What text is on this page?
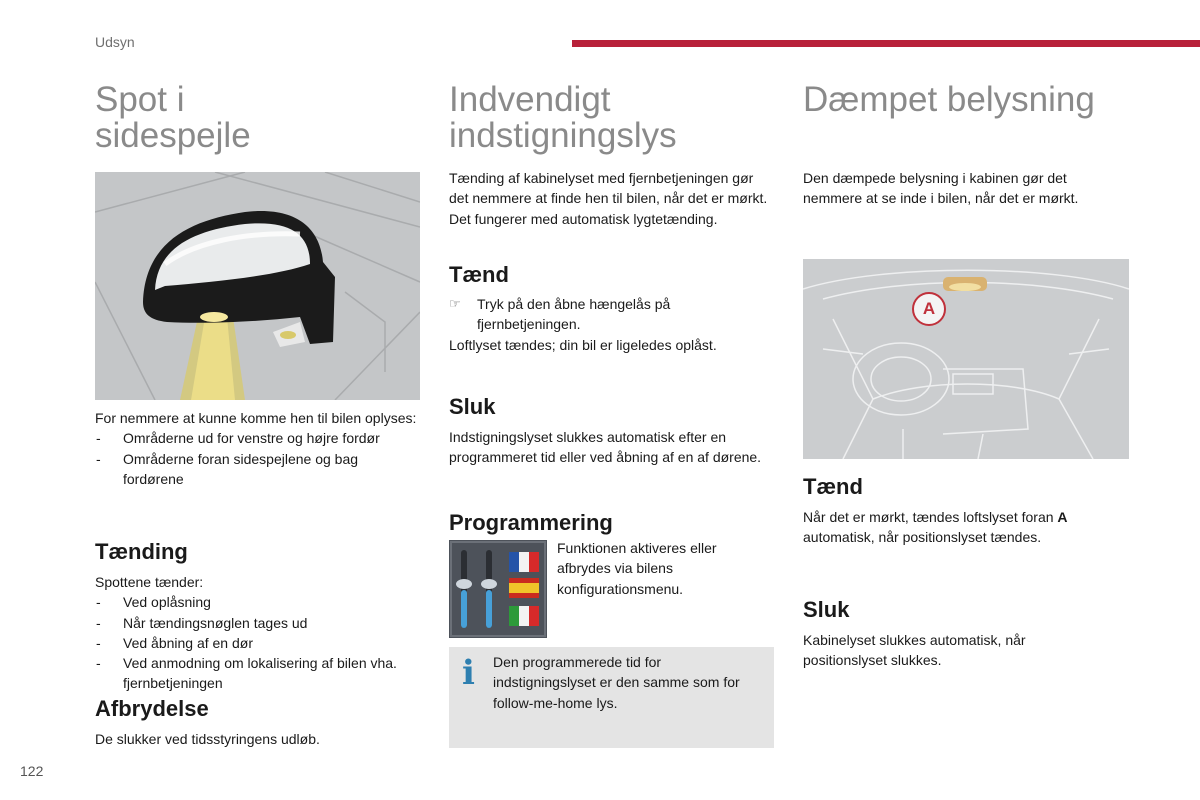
Udsyn
Spot i
sidespejle

For nemmere at kunne komme hen til bilen oplyses:

- Områderne ud for venstre og højre fordør
- Områderne foran sidespejlene og bag fordørene
Tænding

Spottene tænder:

- Ved oplåsning
- Når tændingsnøglen tages ud
- Ved åbning af en dør
- Ved anmodning om lokalisering af bilen vha. fjernbetjeningen
Afbrydelse
De slukker ved tidsstyringens udløb.
122
Indvendigt
indstigningslys
Tænding af kabinelyset med fjernbetjeningen gør det nemmere at finde hen til bilen, når det er mørkt. Det fungerer med automatisk lygtetænding.
Tænd
☞ Tryk på den åbne hængelås på fjernbetjeningen.

Loftlyset tændes; din bil er ligeledes oplåst.

Sluk
Indstigningslyset slukkes automatisk efter en programmeret tid eller ved åbning af en af dørene.
Programmering
Funktionen aktiveres eller afbrydes via bilens konfigurationsmenu.
i Den programmerede tid for indstigningslyset er den samme som for follow-me-home lys.
Dæmpet belysning
Den dæmpede belysning i kabinen gør det nemmere at se inde i bilen, når det er mørkt.
A
Tænd
Når det er mørkt, tændes loftslyset foran A automatisk, når positionslyset tændes.
Sluk
Kabinelyset slukkes automatisk, når positionslyset slukkes.
